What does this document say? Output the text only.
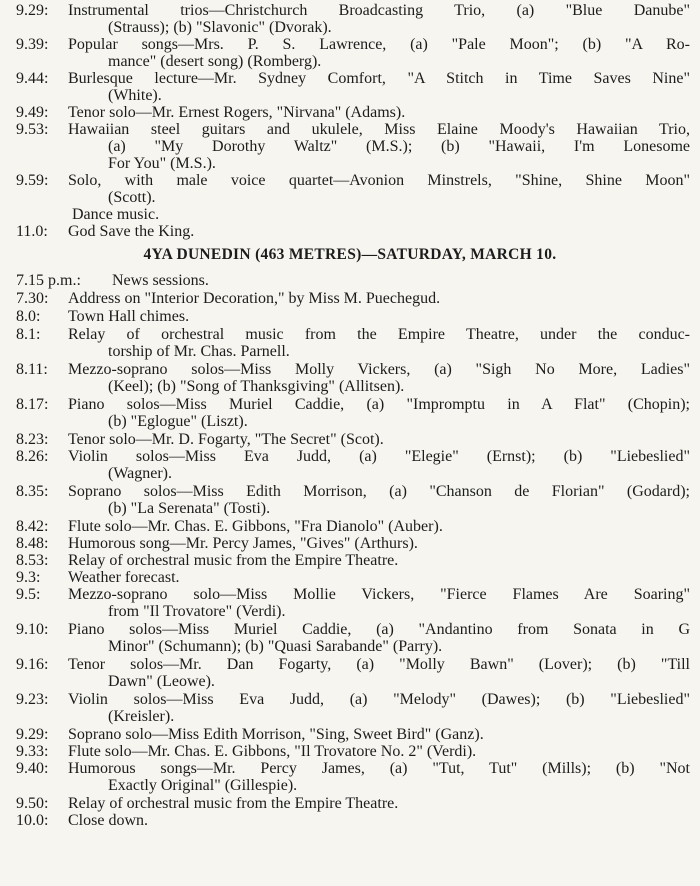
9.29:	Instrumental trios—Christchurch Broadcasting Trio, (a) "Blue Danube"
(Strauss); (b) "Slavonic" (Dvorak).
9.39:	Popular songs—Mrs. P. S. Lawrence, (a) "Pale Moon"; (b) "A Ro-
mance" (desert song) (Romberg).
9.44:	Burlesque lecture—Mr. Sydney Comfort, "A Stitch in Time Saves Nine"
(White).
9.49:	Tenor solo—Mr. Ernest Rogers, "Nirvana" (Adams).
9.53:	Hawaiian steel guitars and ukulele, Miss Elaine Moody's Hawaiian Trio,
(a) "My Dorothy Waltz" (M.S.); (b) "Hawaii, I'm Lonesome
For You" (M.S.).
9.59:	Solo, with male voice quartet—Avonion Minstrels, "Shine, Shine Moon"
(Scott).
Dance music.
11.0:	God Save the King.
4YA DUNEDIN (463 METRES)—SATURDAY, MARCH 10.
7.15 p.m.: News sessions.
7.30:	Address on "Interior Decoration," by Miss M. Puechegud.
8.0:	Town Hall chimes.
8.1:	Relay of orchestral music from the Empire Theatre, under the conduc-
torship of Mr. Chas. Parnell.
8.11:	Mezzo-soprano solos—Miss Molly Vickers, (a) "Sigh No More, Ladies"
(Keel); (b) "Song of Thanksgiving" (Allitsen).
8.17:	Piano solos—Miss Muriel Caddie, (a) "Impromptu in A Flat" (Chopin);
(b) "Eglogue" (Liszt).
8.23:	Tenor solo—Mr. D. Fogarty, "The Secret" (Scot).
8.26:	Violin solos—Miss Eva Judd, (a) "Elegie" (Ernst); (b) "Liebeslied"
(Wagner).
8.35:	Soprano solos—Miss Edith Morrison, (a) "Chanson de Florian" (Godard);
(b) "La Serenata" (Tosti).
8.42:	Flute solo—Mr. Chas. E. Gibbons, "Fra Dianolo" (Auber).
8.48:	Humorous song—Mr. Percy James, "Gives" (Arthurs).
8.53:	Relay of orchestral music from the Empire Theatre.
9.3:	Weather forecast.
9.5:	Mezzo-soprano solo—Miss Mollie Vickers, "Fierce Flames Are Soaring"
from "Il Trovatore" (Verdi).
9.10:	Piano solos—Miss Muriel Caddie, (a) "Andantino from Sonata in G
Minor" (Schumann); (b) "Quasi Sarabande" (Parry).
9.16:	Tenor solos—Mr. Dan Fogarty, (a) "Molly Bawn" (Lover); (b) "Till
Dawn" (Leowe).
9.23:	Violin solos—Miss Eva Judd, (a) "Melody" (Dawes); (b) "Liebeslied"
(Kreisler).
9.29:	Soprano solo—Miss Edith Morrison, "Sing, Sweet Bird" (Ganz).
9.33:	Flute solo—Mr. Chas. E. Gibbons, "Il Trovatore No. 2" (Verdi).
9.40:	Humorous songs—Mr. Percy James, (a) "Tut, Tut" (Mills); (b) "Not
Exactly Original" (Gillespie).
9.50:	Relay of orchestral music from the Empire Theatre.
10.0:	Close down.
